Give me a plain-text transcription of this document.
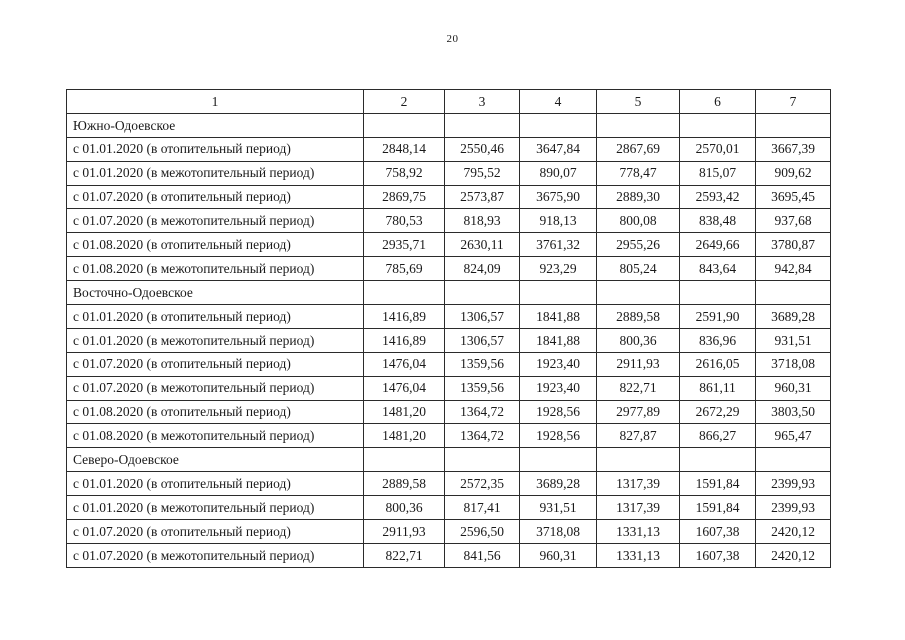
20
1	2	3	4	5	6	7
Южно-Одоевское						
с 01.01.2020 (в отопительный период)	2848,14	2550,46	3647,84	2867,69	2570,01	3667,39
с 01.01.2020 (в межотопительный период)	758,92	795,52	890,07	778,47	815,07	909,62
с 01.07.2020 (в отопительный период)	2869,75	2573,87	3675,90	2889,30	2593,42	3695,45
с 01.07.2020 (в межотопительный период)	780,53	818,93	918,13	800,08	838,48	937,68
с 01.08.2020 (в отопительный период)	2935,71	2630,11	3761,32	2955,26	2649,66	3780,87
с 01.08.2020 (в межотопительный период)	785,69	824,09	923,29	805,24	843,64	942,84
Восточно-Одоевское						
с 01.01.2020 (в отопительный период)	1416,89	1306,57	1841,88	2889,58	2591,90	3689,28
с 01.01.2020 (в межотопительный период)	1416,89	1306,57	1841,88	800,36	836,96	931,51
с 01.07.2020 (в отопительный период)	1476,04	1359,56	1923,40	2911,93	2616,05	3718,08
с 01.07.2020 (в межотопительный период)	1476,04	1359,56	1923,40	822,71	861,11	960,31
с 01.08.2020 (в отопительный период)	1481,20	1364,72	1928,56	2977,89	2672,29	3803,50
с 01.08.2020 (в межотопительный период)	1481,20	1364,72	1928,56	827,87	866,27	965,47
Северо-Одоевское						
с 01.01.2020 (в отопительный период)	2889,58	2572,35	3689,28	1317,39	1591,84	2399,93
с 01.01.2020 (в межотопительный период)	800,36	817,41	931,51	1317,39	1591,84	2399,93
с 01.07.2020 (в отопительный период)	2911,93	2596,50	3718,08	1331,13	1607,38	2420,12
с 01.07.2020 (в межотопительный период)	822,71	841,56	960,31	1331,13	1607,38	2420,12
